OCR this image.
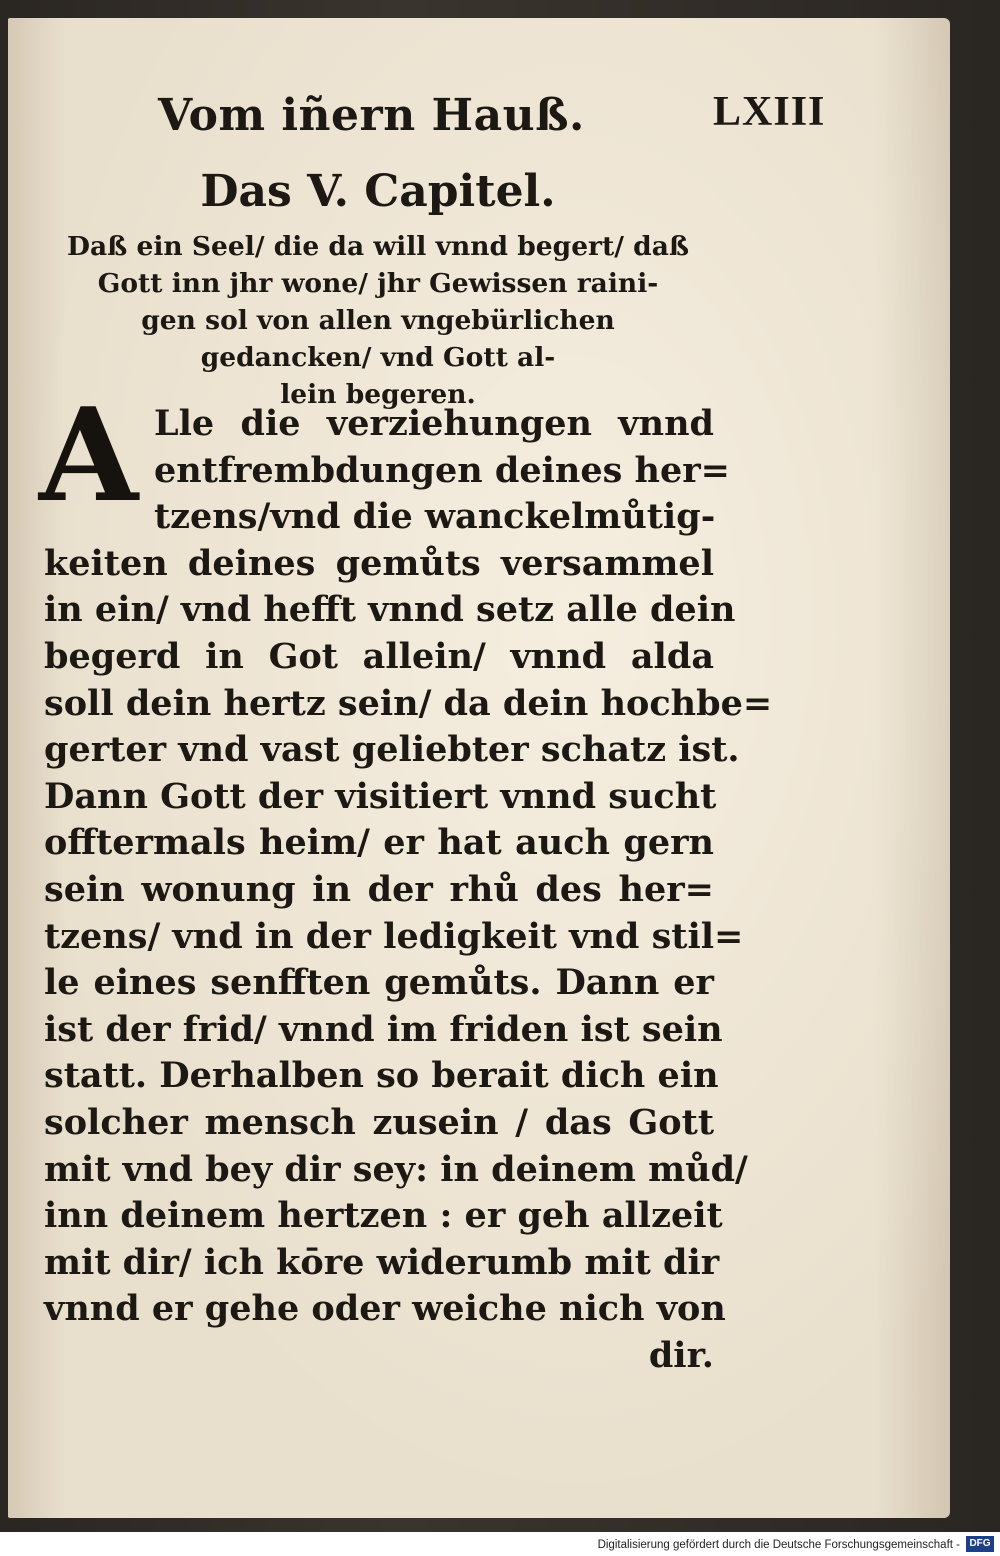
Vom iñern Hauß.	LXIII
Das V. Capitel.

Daß ein Seel/ die da will vnnd begert/ daß
Gott inn jhr wone/ jhr Gewissen raini-
gen sol von allen vngebürlichen
gedancken/ vnd Gott al-
lein begeren.

A Lle die verziehungen vnnd
entfrembdungen deines her=
tzens/vnd die wanckelmůtig-
keiten deines gemůts versammel
in ein/ vnd hefft vnnd setz alle dein
begerd in Got allein/ vnnd alda
soll dein hertz sein/ da dein hochbe=
gerter vnd vast geliebter schatz ist.
Dann Gott der visitiert vnnd sucht
offtermals heim/ er hat auch gern
sein wonung in der rhů des her=
tzens/ vnd in der ledigkeit vnd stil=
le eines senfften gemůts. Dann er
ist der frid/ vnnd im friden ist sein
statt. Derhalben so berait dich ein
solcher mensch zusein / das Gott
mit vnd bey dir sey: in deinem můd/
inn deinem hertzen : er geh allzeit
mit dir/ ich kōre widerumb mit dir
vnnd er gehe oder weiche nich von
dir.
Digitalisierung gefördert durch die Deutsche Forschungsgemeinschaft - DFG
